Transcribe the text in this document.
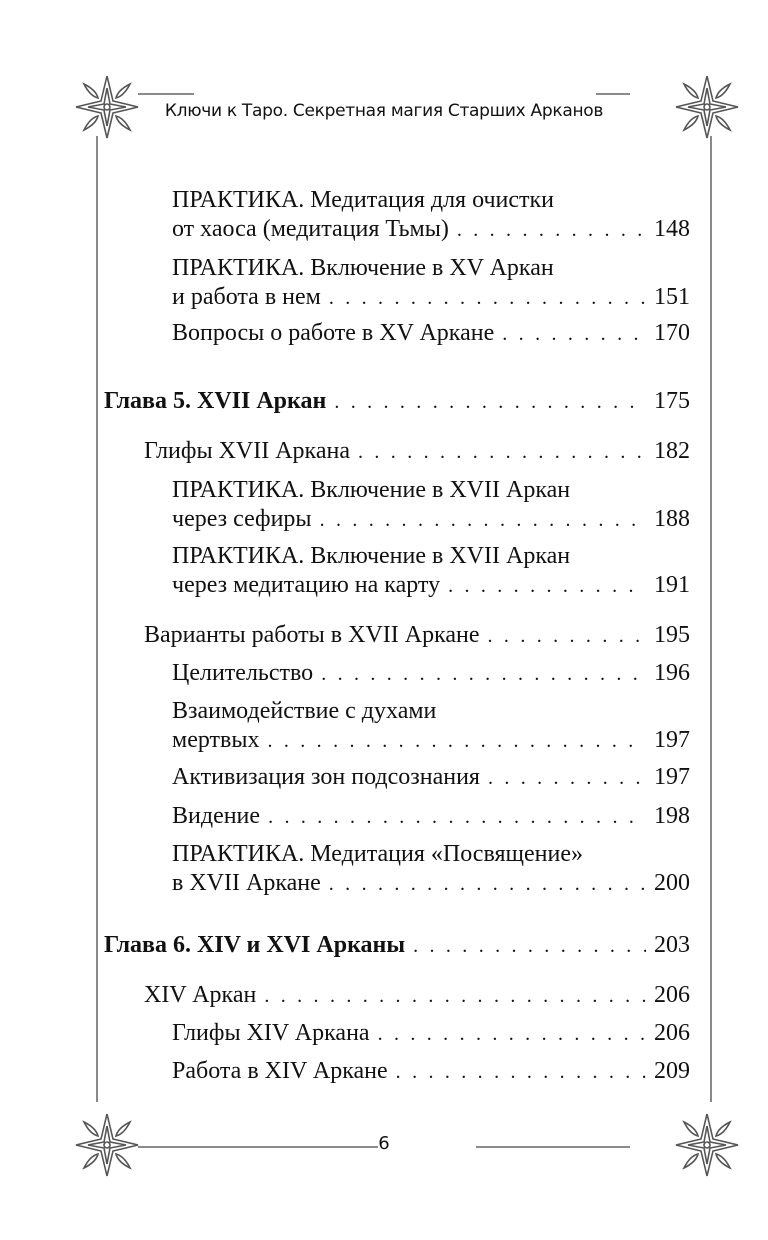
Ключи к Таро. Секретная магия Старших Арканов
ПРАКТИКА. Медитация для очистки
от хаоса (медитация Тьмы) . . .	148
ПРАКТИКА. Включение в XV Аркан
и работа в нем . . .	151
Вопросы о работе в XV Аркане . . .	170
Глава 5. XVII Аркан . . .	175
Глифы XVII Аркана . . .	182
ПРАКТИКА. Включение в XVII Аркан
через сефиры . . .	188
ПРАКТИКА. Включение в XVII Аркан
через медитацию на карту . . .	191
Варианты работы в XVII Аркане . . .	195
Целительство . . .	196
Взаимодействие с духами
мертвых . . .	197
Активизация зон подсознания . . .	197
Видение . . .	198
ПРАКТИКА. Медитация «Посвящение»
в XVII Аркане . . .	200
Глава 6. XIV и XVI Арканы . . .	203
XIV Аркан . . .	206
Глифы XIV Аркана . . .	206
Работа в XIV Аркане . . .	209
6
